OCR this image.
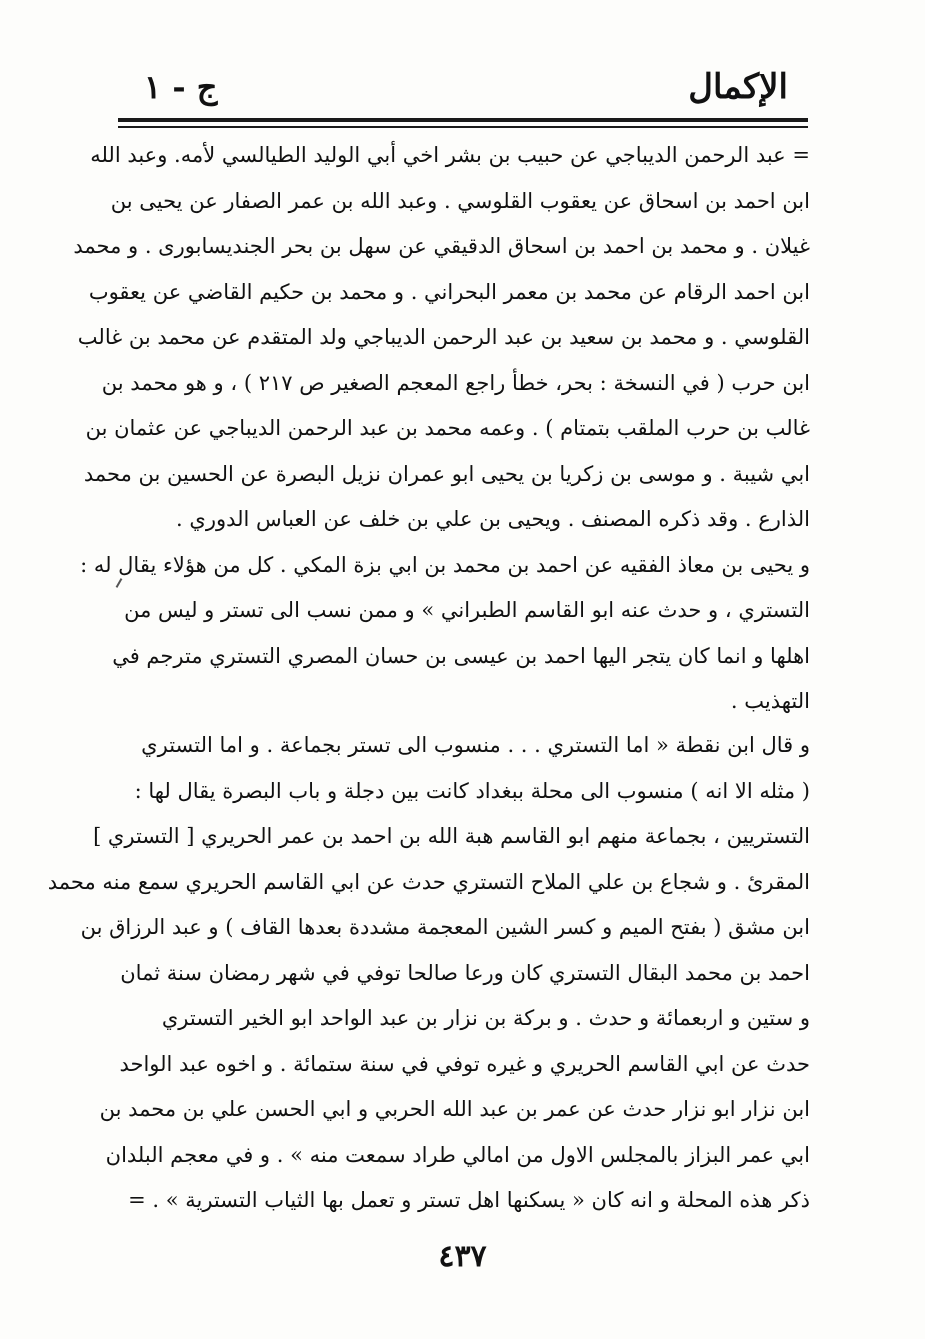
الإكمال
ج - ١
= عبد الرحمن الديباجي عن حبيب بن بشر اخي أبي الوليد الطيالسي لأمه. وعبد الله
ابن احمد بن اسحاق عن يعقوب القلوسي . وعبد الله بن عمر الصفار عن يحيى بن
غيلان . و محمد بن احمد بن اسحاق الدقيقي عن سهل بن بحر الجنديسابورى . و محمد
ابن احمد الرقام عن محمد بن معمر البحراني . و محمد بن حكيم القاضي عن يعقوب
القلوسي . و محمد بن سعيد بن عبد الرحمن الديباجي ولد المتقدم عن محمد بن غالب
ابن حرب ( في النسخة : بحر، خطأ راجع المعجم الصغير ص ٢١٧ ) ، و هو محمد بن
غالب بن حرب الملقب بتمتام ) . وعمه محمد بن عبد الرحمن الديباجي عن عثمان بن
ابي شيبة . و موسى بن زكريا بن يحيى ابو عمران نزيل البصرة عن الحسين بن محمد
الذارع . وقد ذكره المصنف . ويحيى بن علي بن خلف عن العباس الدوري .
و يحيى بن معاذ الفقيه عن احمد بن محمد بن ابي بزة المكي . كل من هؤلاء يقال له :
التستري ، و حدث عنه ابو القاسم الطبراني » و ممن نسب الى تستر و ليس من
اهلها و انما كان يتجر اليها احمد بن عيسى بن حسان المصري التستري مترجم في
التهذيب .
و قال ابن نقطة « اما التستري . . . منسوب الى تستر بجماعة . و اما التستري
( مثله الا انه ) منسوب الى محلة ببغداد كانت بين دجلة و باب البصرة يقال لها :
التستريين ، بجماعة منهم ابو القاسم هبة الله بن احمد بن عمر الحريري [ التستري ]
المقرئ . و شجاع بن علي الملاح التستري حدث عن ابي القاسم الحريري سمع منه محمد
ابن مشق ( بفتح الميم و كسر الشين المعجمة مشددة بعدها القاف ) و عبد الرزاق بن
احمد بن محمد البقال التستري كان ورعا صالحا توفي في شهر رمضان سنة ثمان
و ستين و اربعمائة و حدث . و بركة بن نزار بن عبد الواحد ابو الخير التستري
حدث عن ابي القاسم الحريري و غيره توفي في سنة ستمائة . و اخوه عبد الواحد
ابن نزار ابو نزار حدث عن عمر بن عبد الله الحربي و ابي الحسن علي بن محمد بن
ابي عمر البزاز بالمجلس الاول من امالي طراد سمعت منه » . و في معجم البلدان
ذكر هذه المحلة و انه كان « يسكنها اهل تستر و تعمل بها الثياب التسترية » . =
٤٣٧
